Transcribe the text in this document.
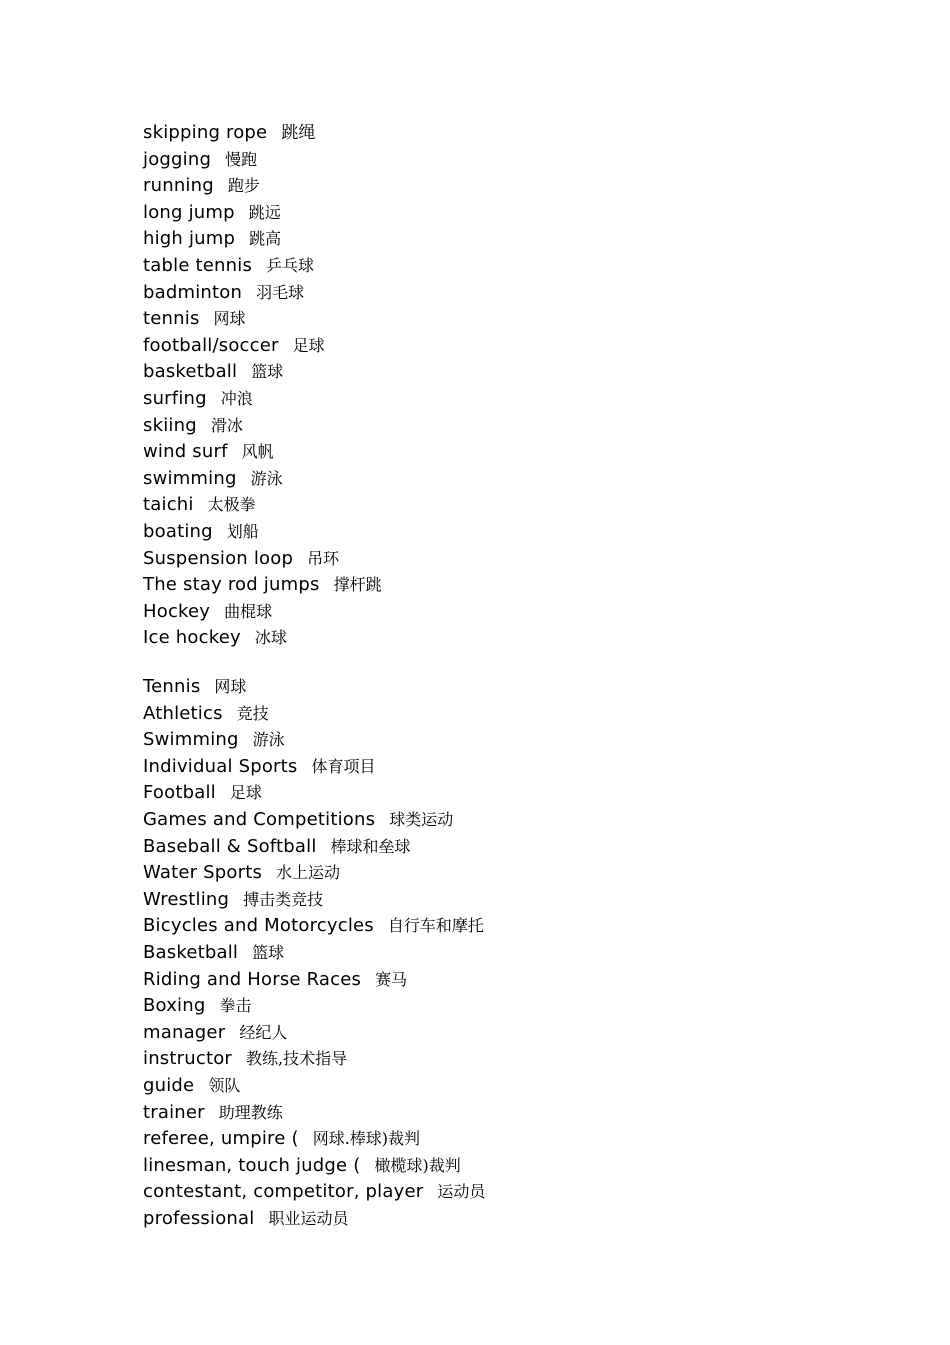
skipping rope 跳绳
jogging 慢跑
running 跑步
long jump 跳远
high jump 跳高
table tennis 乒乓球
badminton 羽毛球
tennis 网球
football/soccer 足球
basketball 篮球
surfing 冲浪
skiing 滑冰
wind surf 风帆
swimming 游泳
taichi 太极拳
boating 划船
Suspension loop 吊环
The stay rod jumps 撑杆跳
Hockey 曲棍球
Ice hockey 冰球
Tennis 网球
Athletics 竞技
Swimming 游泳
Individual Sports 体育项目
Football 足球
Games and Competitions 球类运动
Baseball & Softball 棒球和垒球
Water Sports 水上运动
Wrestling 搏击类竞技
Bicycles and Motorcycles 自行车和摩托
Basketball 篮球
Riding and Horse Races 赛马
Boxing 拳击
manager 经纪人
instructor 教练,技术指导
guide 领队
trainer 助理教练
referee, umpire ( 网球.棒球)裁判
linesman, touch judge ( 橄榄球)裁判
contestant, competitor, player 运动员
professional 职业运动员
